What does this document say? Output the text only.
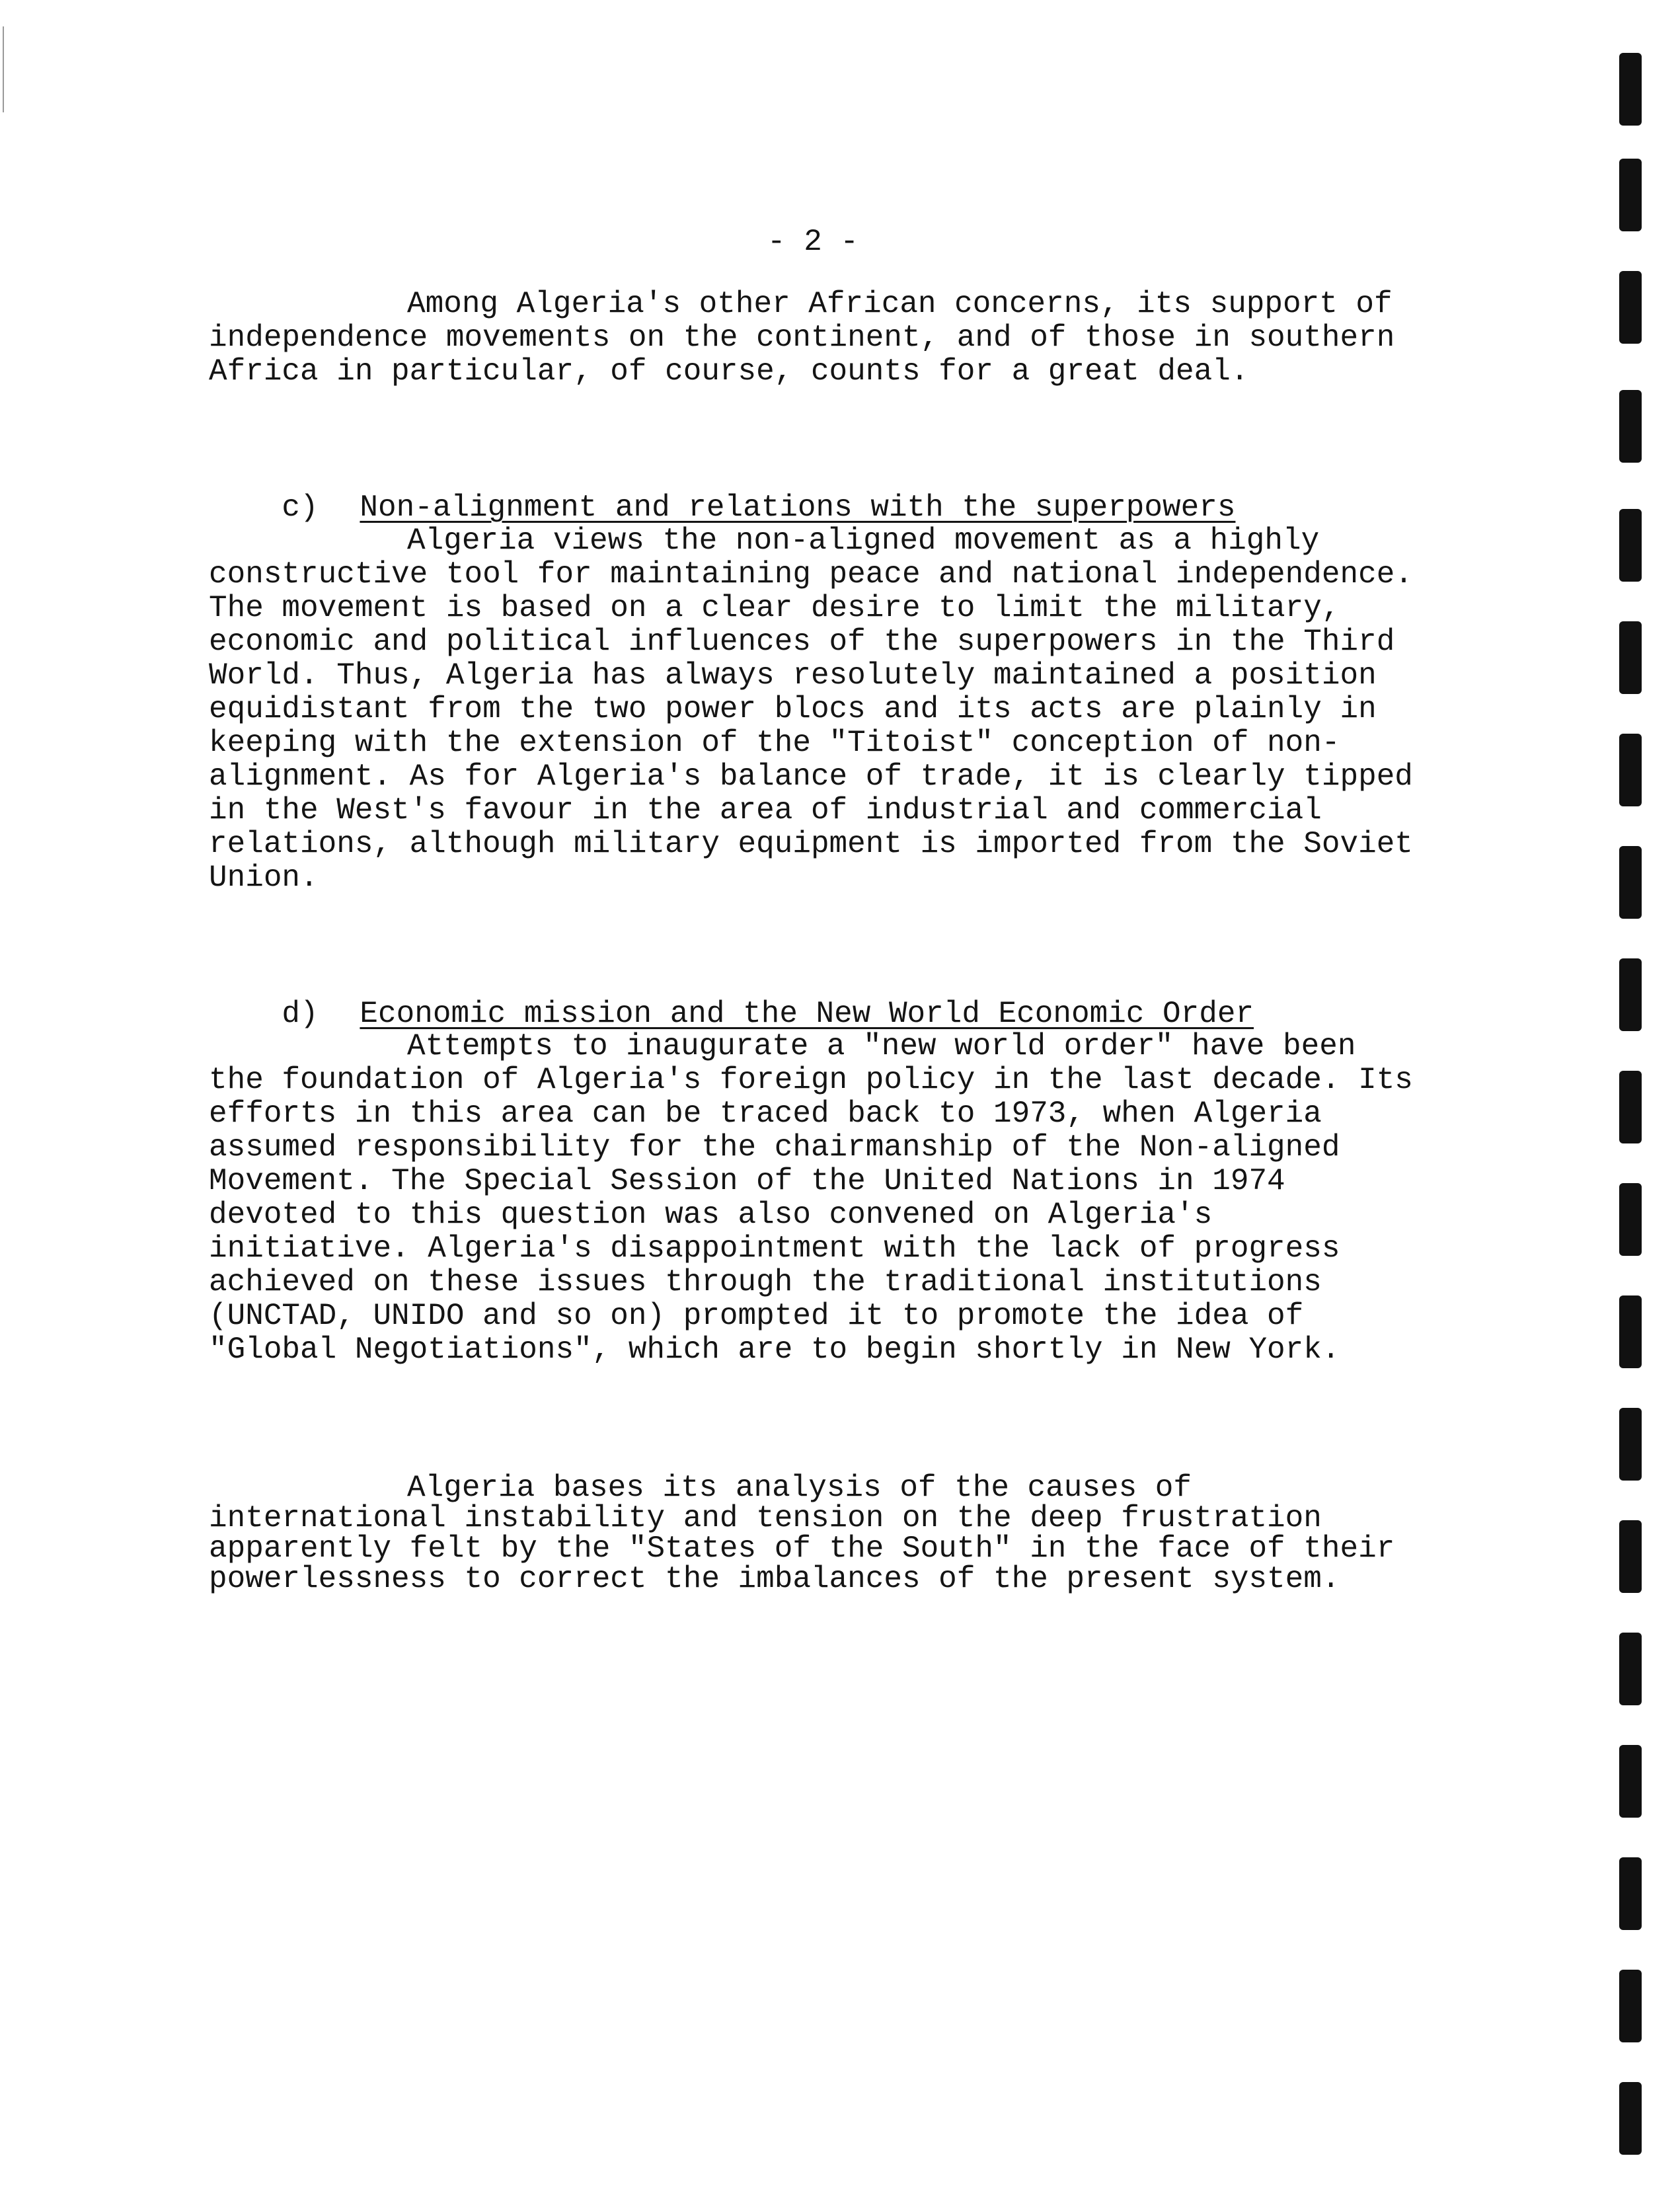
- 2 -

Among Algeria's other African concerns, its support of independence movements on the continent, and of those in southern Africa in particular, of course, counts for a great deal.

c) Non-alignment and relations with the superpowers

Algeria views the non-aligned movement as a highly constructive tool for maintaining peace and national independence. The movement is based on a clear desire to limit the military, economic and political influences of the superpowers in the Third World. Thus, Algeria has always resolutely maintained a position equidistant from the two power blocs and its acts are plainly in keeping with the extension of the "Titoist" conception of non-alignment. As for Algeria's balance of trade, it is clearly tipped in the West's favour in the area of industrial and commercial relations, although military equipment is imported from the Soviet Union.

d) Economic mission and the New World Economic Order

Attempts to inaugurate a "new world order" have been the foundation of Algeria's foreign policy in the last decade. Its efforts in this area can be traced back to 1973, when Algeria assumed responsibility for the chairmanship of the Non-aligned Movement. The Special Session of the United Nations in 1974 devoted to this question was also convened on Algeria's initiative. Algeria's disappointment with the lack of progress achieved on these issues through the traditional institutions (UNCTAD, UNIDO and so on) prompted it to promote the idea of "Global Negotiations", which are to begin shortly in New York.

Algeria bases its analysis of the causes of international instability and tension on the deep frustration apparently felt by the "States of the South" in the face of their powerlessness to correct the imbalances of the present system.
